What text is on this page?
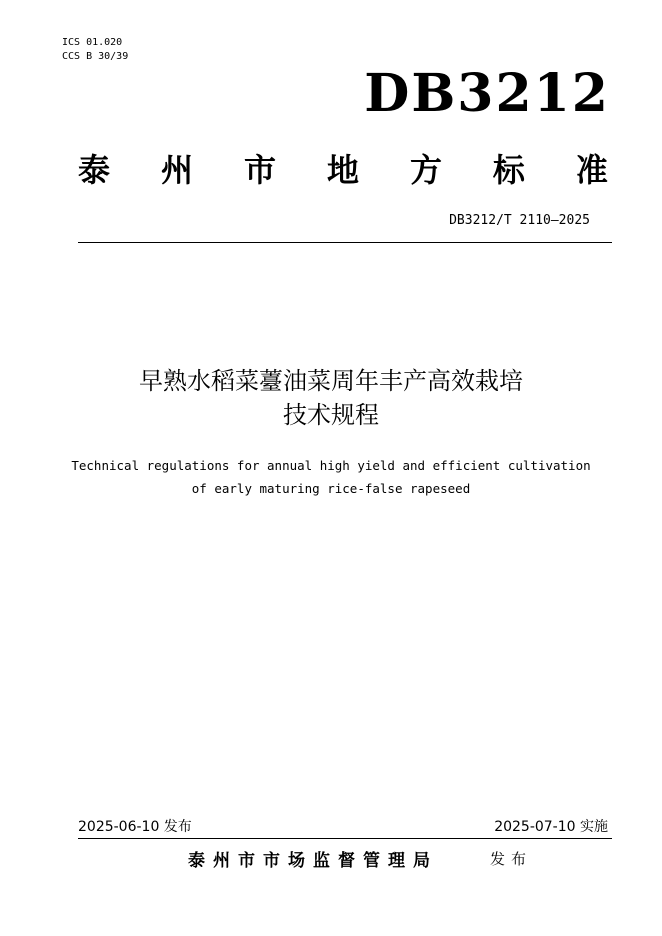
ICS 01.020
CCS B 30/39
DB3212
泰 州 市 地 方 标 准
DB3212/T 2110—2025
早熟水稻菜薹油菜周年丰产高效栽培
技术规程
Technical regulations for annual high yield and efficient cultivation
of early maturing rice-false rapeseed
2025-06-10 发布	2025-07-10 实施
泰州市市场监督管理局	发布
